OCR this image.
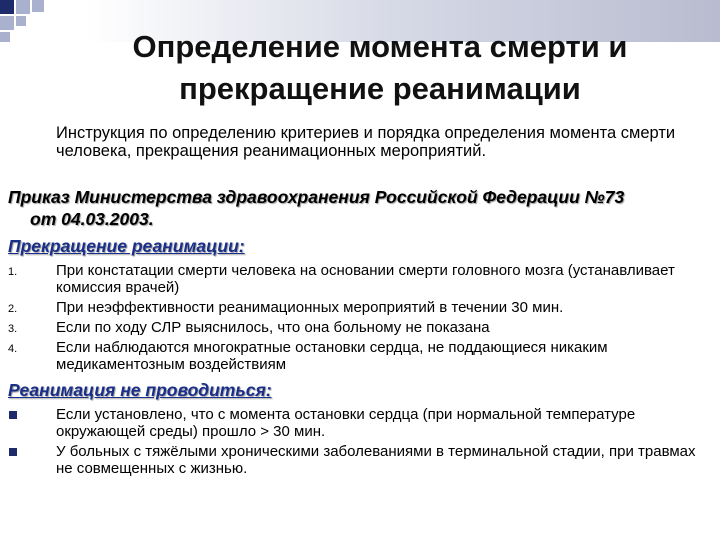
Определение момента смерти и
прекращение реанимации
Инструкция по определению критериев и порядка определения момента смерти человека, прекращения реанимационных мероприятий.
Приказ Министерства здравоохранения Российской Федерации №73
от 04.03.2003.
Прекращение реанимации:
1.	При констатации смерти человека на основании смерти головного мозга (устанавливает комиссия врачей)
2.	При неэффективности реанимационных мероприятий в течении 30 мин.
3.	Если по ходу СЛР выяснилось, что она больному не показана
4.	Если наблюдаются многократные остановки сердца, не поддающиеся никаким медикаментозным воздействиям
Реанимация не проводиться:
Если установлено, что с момента остановки сердца (при нормальной температуре окружающей среды) прошло > 30 мин.
У больных с тяжёлыми хроническими заболеваниями в терминальной стадии, при травмах не совмещенных с жизнью.
